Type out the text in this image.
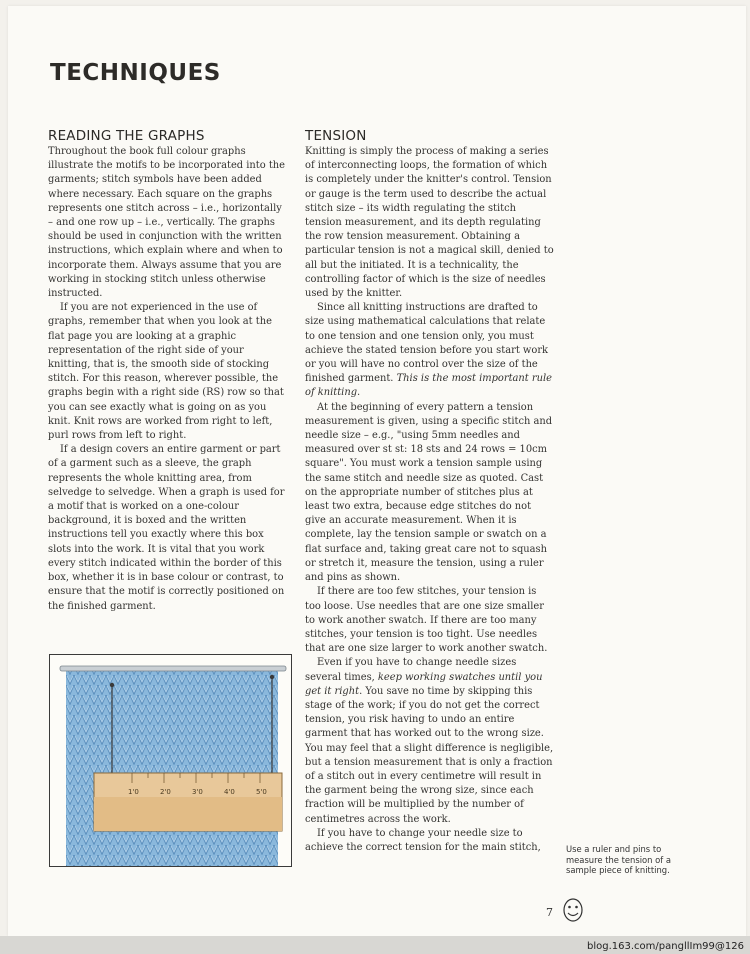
TECHNIQUES
READING THE GRAPHS

Throughout the book full colour graphs illustrate the motifs to be incorporated into the garments; stitch symbols have been added where necessary. Each square on the graphs represents one stitch across – i.e., horizontally – and one row up – i.e., vertically. The graphs should be used in conjunction with the written instructions, which explain where and when to incorporate them. Always assume that you are working in stocking stitch unless otherwise instructed.

If you are not experienced in the use of graphs, remember that when you look at the flat page you are looking at a graphic representation of the right side of your knitting, that is, the smooth side of stocking stitch. For this reason, wherever possible, the graphs begin with a right side (RS) row so that you can see exactly what is going on as you knit. Knit rows are worked from right to left, purl rows from left to right.

If a design covers an entire garment or part of a garment such as a sleeve, the graph represents the whole knitting area, from selvedge to selvedge. When a graph is used for a motif that is worked on a one-colour background, it is boxed and the written instructions tell you exactly where this box slots into the work. It is vital that you work every stitch indicated within the border of this box, whether it is in base colour or contrast, to ensure that the motif is correctly positioned on the finished garment.

TENSION

Knitting is simply the process of making a series of interconnecting loops, the formation of which is completely under the knitter's control. Tension or gauge is the term used to describe the actual stitch size – its width regulating the stitch tension measurement, and its depth regulating the row tension measurement. Obtaining a particular tension is not a magical skill, denied to all but the initiated. It is a technicality, the controlling factor of which is the size of needles used by the knitter.

Since all knitting instructions are drafted to size using mathematical calculations that relate to one tension and one tension only, you must achieve the stated tension before you start work or you will have no control over the size of the finished garment. This is the most important rule of knitting.

At the beginning of every pattern a tension measurement is given, using a specific stitch and needle size – e.g., "using 5mm needles and measured over st st: 18 sts and 24 rows = 10cm square". You must work a tension sample using the same stitch and needle size as quoted. Cast on the appropriate number of stitches plus at least two extra, because edge stitches do not give an accurate measurement. When it is complete, lay the tension sample or swatch on a flat surface and, taking great care not to squash or stretch it, measure the tension, using a ruler and pins as shown.

If there are too few stitches, your tension is too loose. Use needles that are one size smaller to work another swatch. If there are too many stitches, your tension is too tight. Use needles that are one size larger to work another swatch.

Even if you have to change needle sizes several times, keep working swatches until you get it right. You save no time by skipping this stage of the work; if you do not get the correct tension, you risk having to undo an entire garment that has worked out to the wrong size. You may feel that a slight difference is negligible, but a tension measurement that is only a fraction of a stitch out in every centimetre will result in the garment being the wrong size, since each fraction will be multiplied by the number of centimetres across the work.

If you have to change your needle size to achieve the correct tension for the main stitch,

1'0	2'0	3'0	4'0	5'0
Use a ruler and pins to measure the tension of a sample piece of knitting.
7
blog.163.com/pangllIm99@126
